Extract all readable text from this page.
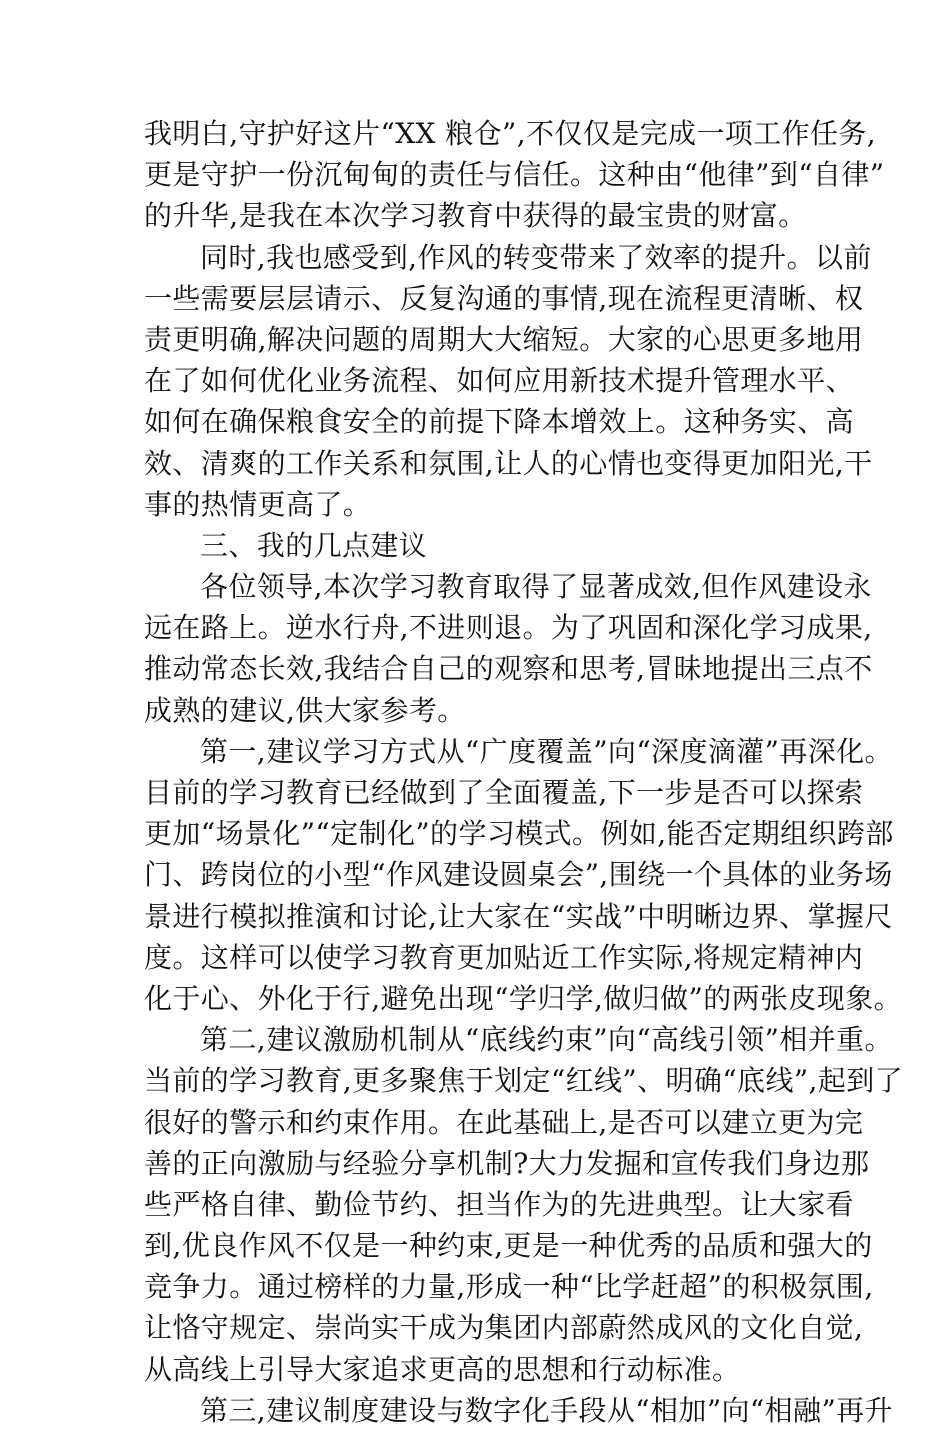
我明白,守护好这片“XX 粮仓”,不仅仅是完成一项工作任务,
更是守护一份沉甸甸的责任与信任。这种由“他律”到“自律”
的升华,是我在本次学习教育中获得的最宝贵的财富。
同时,我也感受到,作风的转变带来了效率的提升。以前
一些需要层层请示、反复沟通的事情,现在流程更清晰、权
责更明确,解决问题的周期大大缩短。大家的心思更多地用
在了如何优化业务流程、如何应用新技术提升管理水平、
如何在确保粮食安全的前提下降本增效上。这种务实、高
效、清爽的工作关系和氛围,让人的心情也变得更加阳光,干
事的热情更高了。
三、我的几点建议
各位领导,本次学习教育取得了显著成效,但作风建设永
远在路上。逆水行舟,不进则退。为了巩固和深化学习成果,
推动常态长效,我结合自己的观察和思考,冒昧地提出三点不
成熟的建议,供大家参考。
第一,建议学习方式从“广度覆盖”向“深度滴灌”再深化。
目前的学习教育已经做到了全面覆盖,下一步是否可以探索
更加“场景化”“定制化”的学习模式。例如,能否定期组织跨部
门、跨岗位的小型“作风建设圆桌会”,围绕一个具体的业务场
景进行模拟推演和讨论,让大家在“实战”中明晰边界、掌握尺
度。这样可以使学习教育更加贴近工作实际,将规定精神内
化于心、外化于行,避免出现“学归学,做归做”的两张皮现象。
第二,建议激励机制从“底线约束”向“高线引领”相并重。
当前的学习教育,更多聚焦于划定“红线”、明确“底线”,起到了
很好的警示和约束作用。在此基础上,是否可以建立更为完
善的正向激励与经验分享机制?大力发掘和宣传我们身边那
些严格自律、勤俭节约、担当作为的先进典型。让大家看
到,优良作风不仅是一种约束,更是一种优秀的品质和强大的
竞争力。通过榜样的力量,形成一种“比学赶超”的积极氛围,
让恪守规定、崇尚实干成为集团内部蔚然成风的文化自觉,
从高线上引导大家追求更高的思想和行动标准。
第三,建议制度建设与数字化手段从“相加”向“相融”再升
